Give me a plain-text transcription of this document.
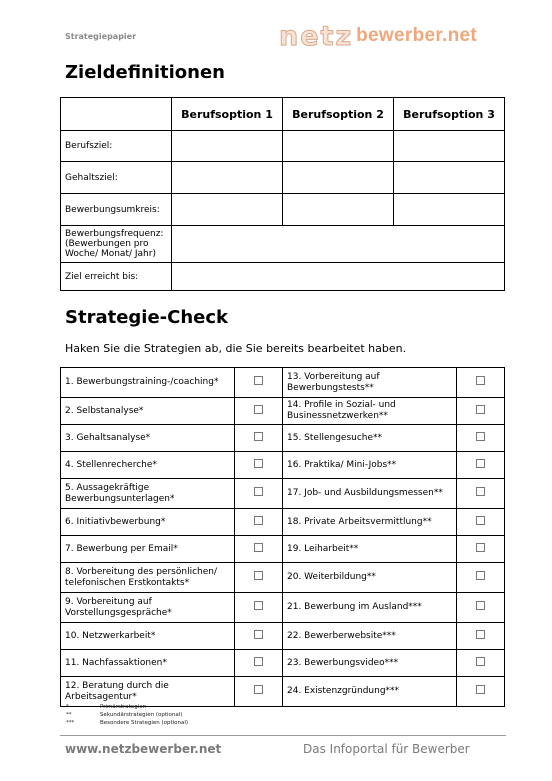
Strategiepapier	netz bewerber.net
Zieldefinitionen
	Berufsoption 1	Berufsoption 2	Berufsoption 3
Berufsziel:			
Gehaltsziel:			
Bewerbungsumkreis:			
Bewerbungsfrequenz: (Bewerbungen pro Woche/ Monat/ Jahr)			
Ziel erreicht bis:			
Strategie-Check
Haken Sie die Strategien ab, die Sie bereits bearbeitet haben.
1. Bewerbungstraining-/coaching*		13. Vorbereitung auf Bewerbungstests**	
2. Selbstanalyse*		14. Profile in Sozial- und Businessnetzwerken**	
3. Gehaltsanalyse*		15. Stellengesuche**	
4. Stellenrecherche*		16. Praktika/ Mini-Jobs**	
5. Aussagekräftige Bewerbungsunterlagen*		17. Job- und Ausbildungsmessen**	
6. Initiativbewerbung*		18. Private Arbeitsvermittlung**	
7. Bewerbung per Email*		19. Leiharbeit**	
8. Vorbereitung des persönlichen/ telefonischen Erstkontakts*		20. Weiterbildung**	
9. Vorbereitung auf Vorstellungsgespräche*		21. Bewerbung im Ausland***	
10. Netzwerkarbeit*		22. Bewerberwebsite***	
11. Nachfassaktionen*		23. Bewerbungsvideo***	
12. Beratung durch die Arbeitsagentur*		24. Existenzgründung***	
*	Primärstrategien
**	Sekundärstrategien (optional)
***	Besondere Strategien (optional)
www.netzbewerber.net	Das Infoportal für Bewerber
